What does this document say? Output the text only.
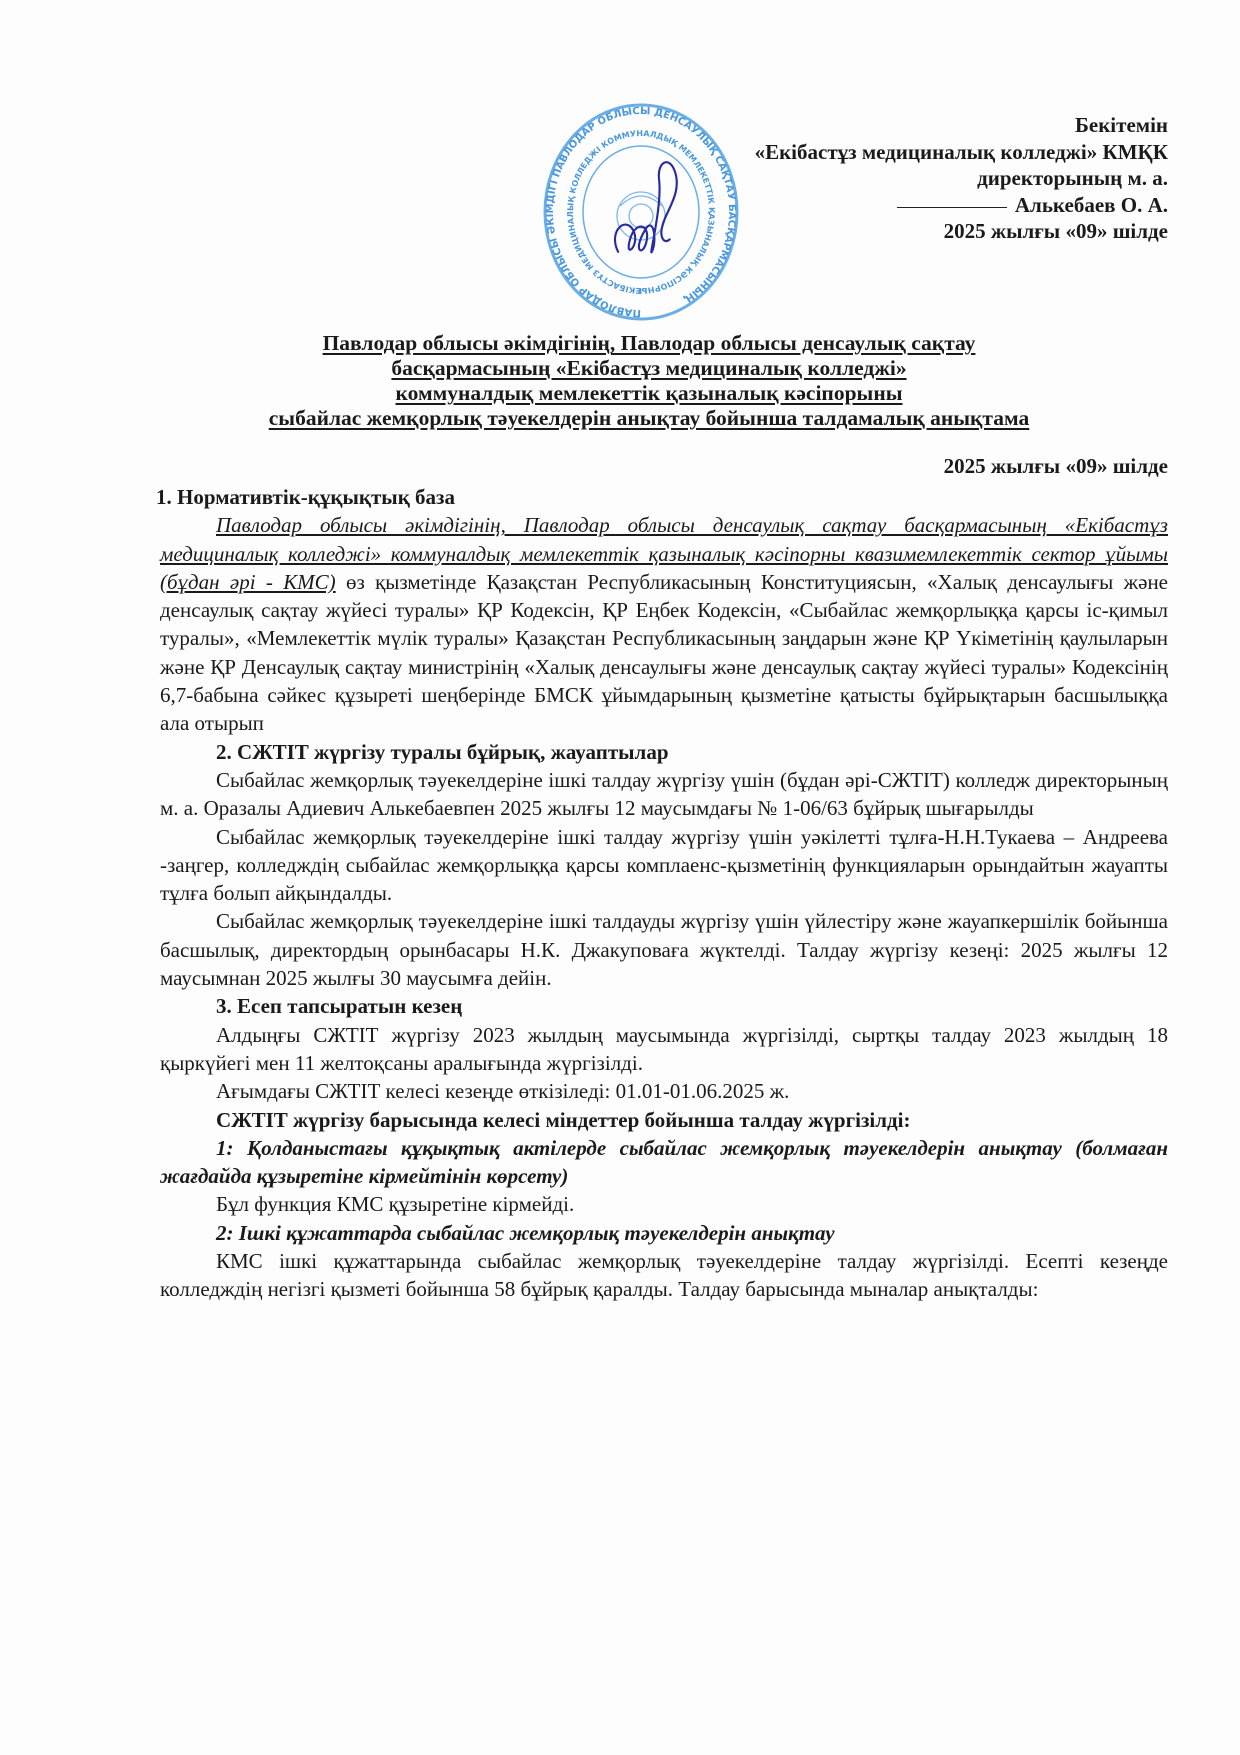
ПАВЛОДАР ОБЛЫСЫ ӘКІМДІГІ ПАВЛОДАР ОБЛЫСЫ ДЕНСАУЛЫҚ САҚТАУ БАСҚАРМАСЫНЫҢ
ЕКІБАСТҰЗ МЕДИЦИНАЛЫҚ КОЛЛЕДЖІ КОММУНАЛДЫҚ МЕМЛЕКЕТТІК ҚАЗЫНАЛЫҚ КӘСІПОРНЫ
Бекітемін
«Екібастұз медициналық колледжі» КМҚК
директорының м. а.
Алькебаев О. А.
2025 жылғы «09» шілде
Павлодар облысы әкімдігінің, Павлодар облысы денсаулық сақтау
басқармасының «Екібастұз медициналық колледжі»
коммуналдық мемлекеттік қазыналық кәсіпорыны
сыбайлас жемқорлық тәуекелдерін анықтау бойынша талдамалық анықтама
2025 жылғы «09» шілде

1. Нормативтік-құқықтық база

Павлодар облысы әкімдігінің, Павлодар облысы денсаулық сақтау басқармасының «Екібастұз медициналық колледжі» коммуналдық мемлекеттік қазыналық кәсіпорны квазимемлекеттік сектор ұйымы (бұдан әрі - КМС) өз қызметінде Қазақстан Республикасының Конституциясын, «Халық денсаулығы және денсаулық сақтау жүйесі туралы» ҚР Кодексін, ҚР Еңбек Кодексін, «Сыбайлас жемқорлыққа қарсы іс-қимыл туралы», «Мемлекеттік мүлік туралы» Қазақстан Республикасының заңдарын және ҚР Үкіметінің қаулыларын және ҚР Денсаулық сақтау министрінің «Халық денсаулығы және денсаулық сақтау жүйесі туралы» Кодексінің 6,7-бабына сәйкес құзыреті шеңберінде БМСК ұйымдарының қызметіне қатысты бұйрықтарын басшылыққа ала отырып

2. СЖТІТ жүргізу туралы бұйрық, жауаптылар

Сыбайлас жемқорлық тәуекелдеріне ішкі талдау жүргізу үшін (бұдан әрі-СЖТІТ) колледж директорының м. а. Оразалы Адиевич Алькебаевпен 2025 жылғы 12 маусымдағы № 1-06/63 бұйрық шығарылды

Сыбайлас жемқорлық тәуекелдеріне ішкі талдау жүргізу үшін уәкілетті тұлға-Н.Н.Тукаева – Андреева -заңгер, колледждің сыбайлас жемқорлыққа қарсы комплаенс-қызметінің функцияларын орындайтын жауапты тұлға болып айқындалды.

Сыбайлас жемқорлық тәуекелдеріне ішкі талдауды жүргізу үшін үйлестіру және жауапкершілік бойынша басшылық, директордың орынбасары Н.К. Джакуповаға жүктелді. Талдау жүргізу кезеңі: 2025 жылғы 12 маусымнан 2025 жылғы 30 маусымға дейін.

3. Есеп тапсыратын кезең

Алдыңғы СЖТІТ жүргізу 2023 жылдың маусымында жүргізілді, сыртқы талдау 2023 жылдың 18 қыркүйегі мен 11 желтоқсаны аралығында жүргізілді.

Ағымдағы СЖТІТ келесі кезеңде өткізіледі: 01.01-01.06.2025 ж.

СЖТІТ жүргізу барысында келесі міндеттер бойынша талдау жүргізілді:

1: Қолданыстағы құқықтық актілерде сыбайлас жемқорлық тәуекелдерін анықтау (болмаған жағдайда құзыретіне кірмейтінін көрсету)

Бұл функция КМС құзыретіне кірмейді.

2: Ішкі құжаттарда сыбайлас жемқорлық тәуекелдерін анықтау

КМС ішкі құжаттарында сыбайлас жемқорлық тәуекелдеріне талдау жүргізілді. Есепті кезеңде колледждің негізгі қызметі бойынша 58 бұйрық қаралды. Талдау барысында мыналар анықталды:
